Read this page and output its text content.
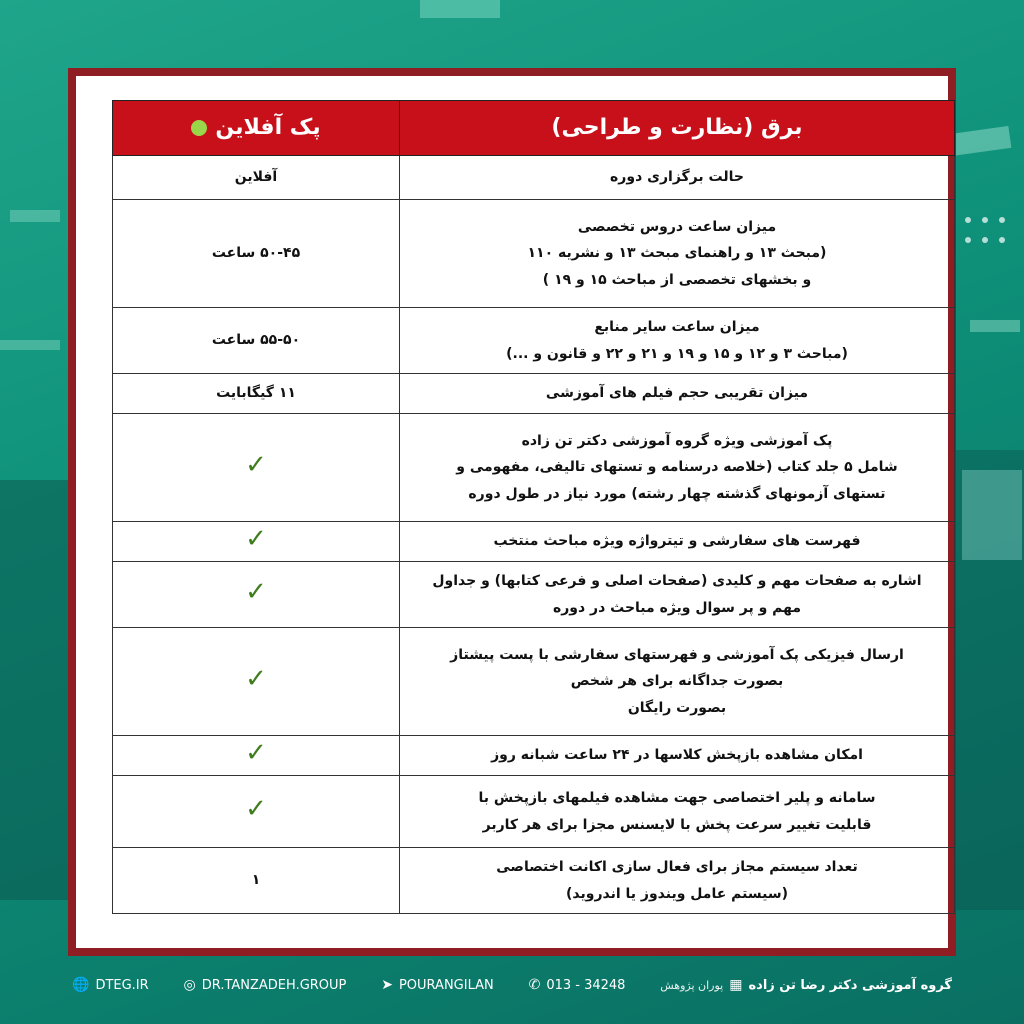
برق (نظارت و طراحی)	پک آفلاین

حالت برگزاری دوره	آفلاین

میزان ساعت دروس تخصصی
(مبحث ۱۳ و راهنمای مبحث ۱۳ و نشریه ۱۱۰
و بخشهای تخصصی از مباحث ۱۵ و ۱۹ )	۵۰-۴۵ ساعت

میزان ساعت سایر منابع
(مباحث ۳ و ۱۲ و ۱۵ و ۱۹ و ۲۱ و ۲۲ و قانون و ...)	۵۵-۵۰ ساعت

میزان تقریبی حجم فیلم های آموزشی	۱۱ گیگابایت

پک آموزشی ویژه گروه آموزشی دکتر تن زاده
شامل ۵ جلد کتاب (خلاصه درسنامه و تستهای تالیفی، مفهومی و
تستهای آزمونهای گذشته چهار رشته) مورد نیاز در طول دوره	✓

فهرست های سفارشی و تیترواژه ویژه مباحث منتخب	✓

اشاره به صفحات مهم و کلیدی (صفحات اصلی و فرعی کتابها) و جداول
مهم و پر سوال ویژه مباحث در دوره	✓

ارسال فیزیکی پک آموزشی و فهرستهای سفارشی با پست پیشتاز
بصورت جداگانه برای هر شخص
بصورت رایگان	✓

امکان مشاهده بازپخش کلاسها در ۲۴ ساعت شبانه روز	✓

سامانه و پلیر اختصاصی جهت مشاهده فیلمهای بازپخش با
قابلیت تغییر سرعت پخش با لایسنس مجزا برای هر کاربر	✓

تعداد سیستم مجاز برای فعال سازی اکانت اختصاصی
(سیستم عامل ویندوز یا اندروید)	۱
🌐 DTEG.IR ◎ DR.TANZADEH.GROUP ➤ POURANGILAN ✆ 013 - 34248	گروه آموزشی دکتر رضا تن زاده
▦
پوران پژوهش
